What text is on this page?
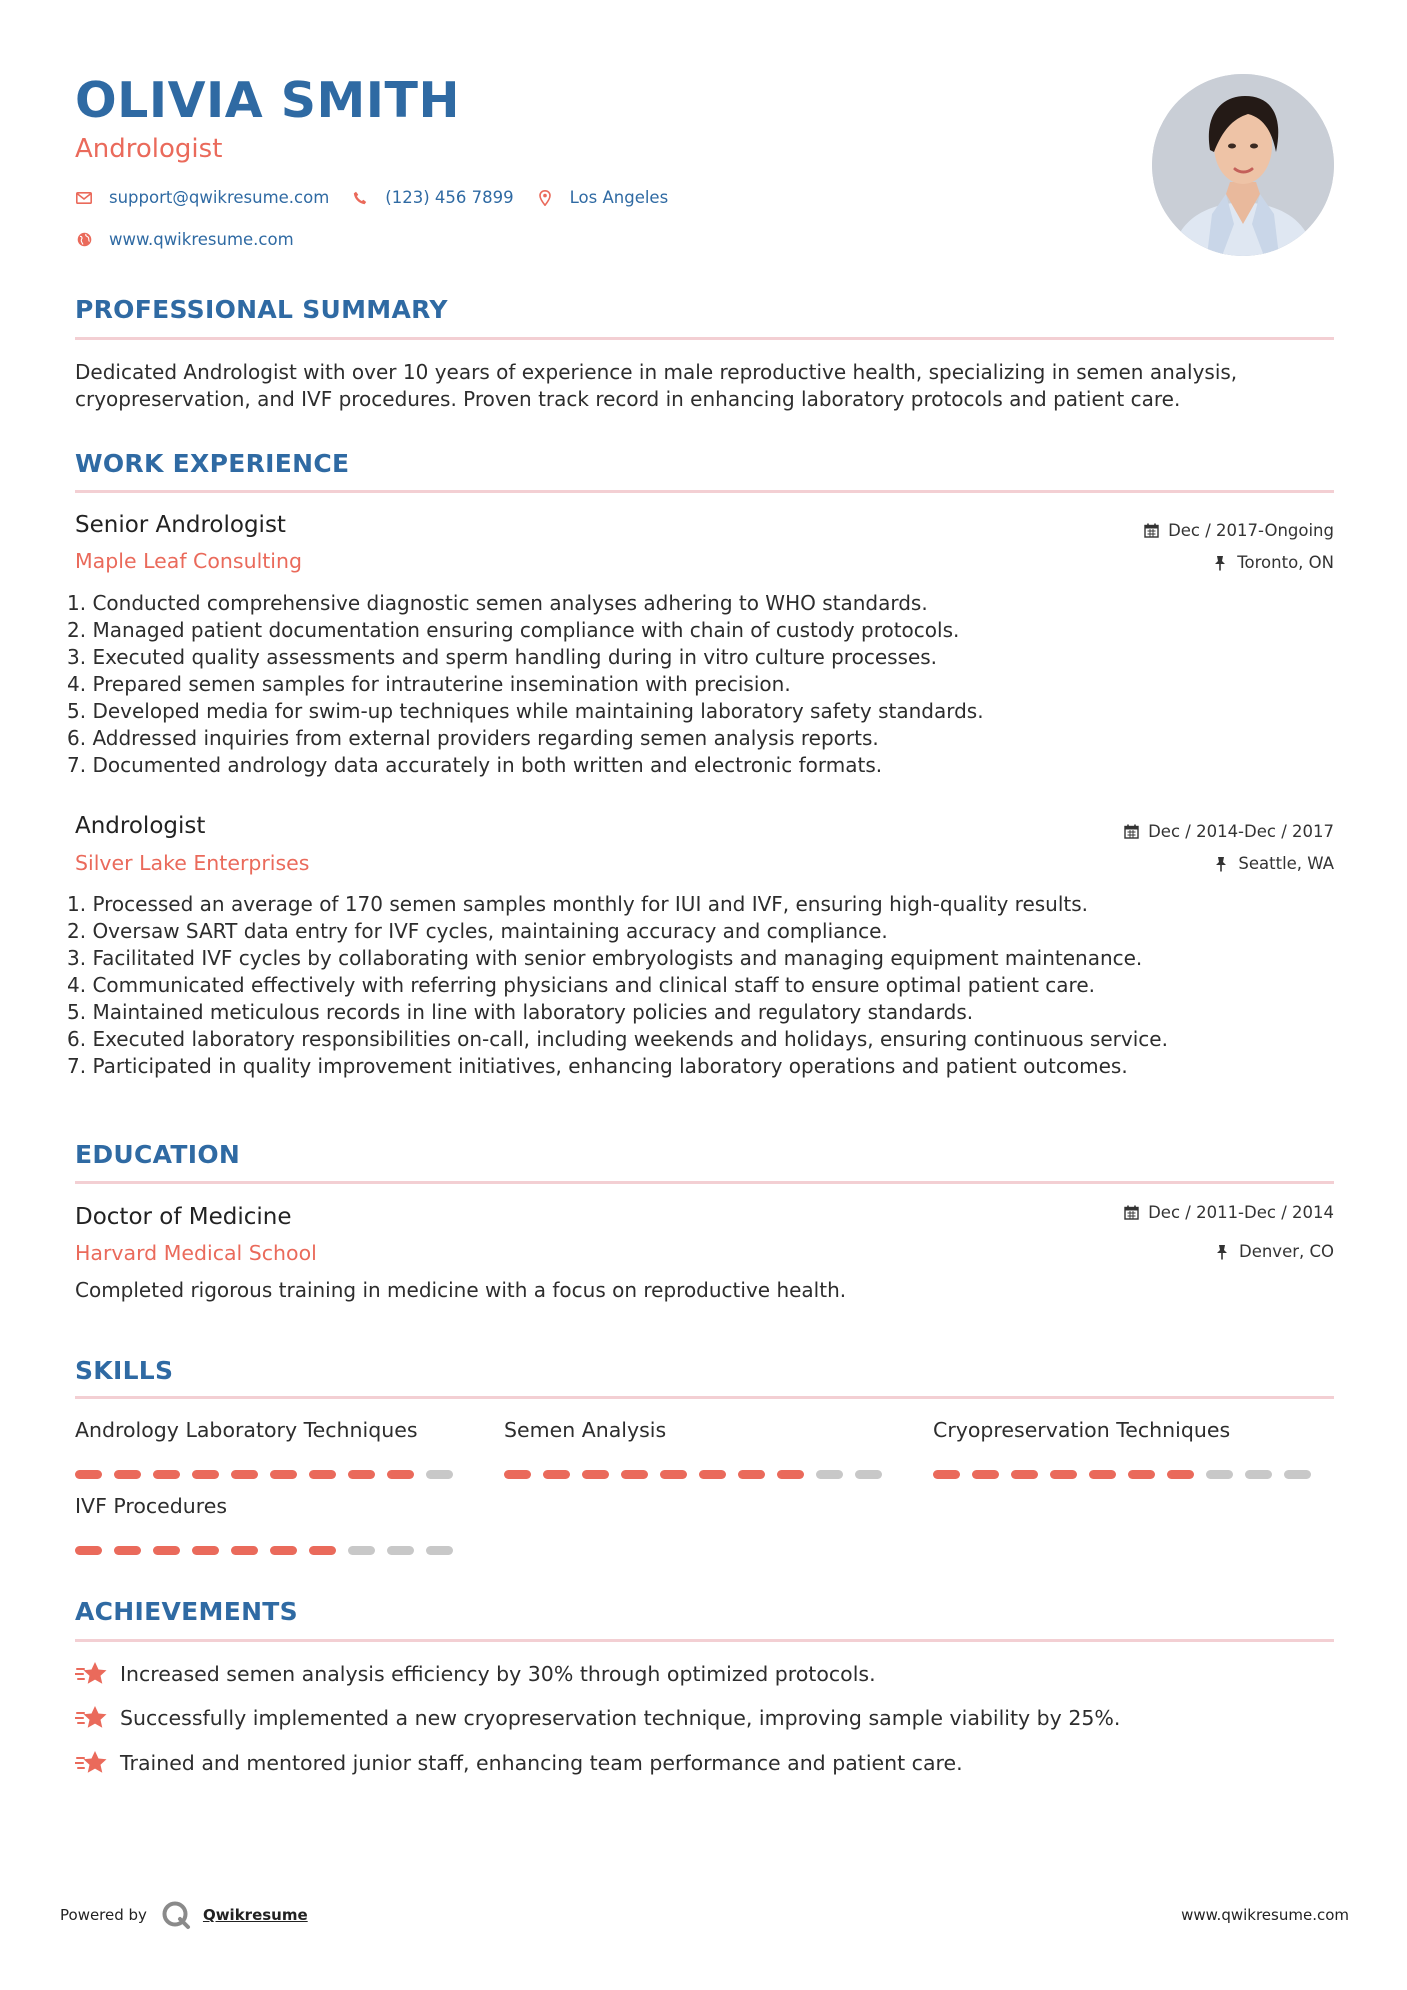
OLIVIA SMITH
Andrologist
support@qwikresume.com	(123) 456 7899	Los Angeles
www.qwikresume.com
PROFESSIONAL SUMMARY
Dedicated Andrologist with over 10 years of experience in male reproductive health, specializing in semen analysis, cryopreservation, and IVF procedures. Proven track record in enhancing laboratory protocols and patient care.
WORK EXPERIENCE
Senior Andrologist
Maple Leaf Consulting
Dec / 2017-Ongoing
Toronto, ON
1. Conducted comprehensive diagnostic semen analyses adhering to WHO standards.
2. Managed patient documentation ensuring compliance with chain of custody protocols.
3. Executed quality assessments and sperm handling during in vitro culture processes.
4. Prepared semen samples for intrauterine insemination with precision.
5. Developed media for swim-up techniques while maintaining laboratory safety standards.
6. Addressed inquiries from external providers regarding semen analysis reports.
7. Documented andrology data accurately in both written and electronic formats.
Andrologist
Silver Lake Enterprises
Dec / 2014-Dec / 2017
Seattle, WA
1. Processed an average of 170 semen samples monthly for IUI and IVF, ensuring high-quality results.
2. Oversaw SART data entry for IVF cycles, maintaining accuracy and compliance.
3. Facilitated IVF cycles by collaborating with senior embryologists and managing equipment maintenance.
4. Communicated effectively with referring physicians and clinical staff to ensure optimal patient care.
5. Maintained meticulous records in line with laboratory policies and regulatory standards.
6. Executed laboratory responsibilities on-call, including weekends and holidays, ensuring continuous service.
7. Participated in quality improvement initiatives, enhancing laboratory operations and patient outcomes.
EDUCATION
Doctor of Medicine
Harvard Medical School
Dec / 2011-Dec / 2014
Denver, CO
Completed rigorous training in medicine with a focus on reproductive health.
SKILLS
Andrology Laboratory Techniques	Semen Analysis	Cryopreservation Techniques
IVF Procedures
ACHIEVEMENTS
Increased semen analysis efficiency by 30% through optimized protocols.
Successfully implemented a new cryopreservation technique, improving sample viability by 25%.
Trained and mentored junior staff, enhancing team performance and patient care.
Powered by	Qwikresume	www.qwikresume.com
